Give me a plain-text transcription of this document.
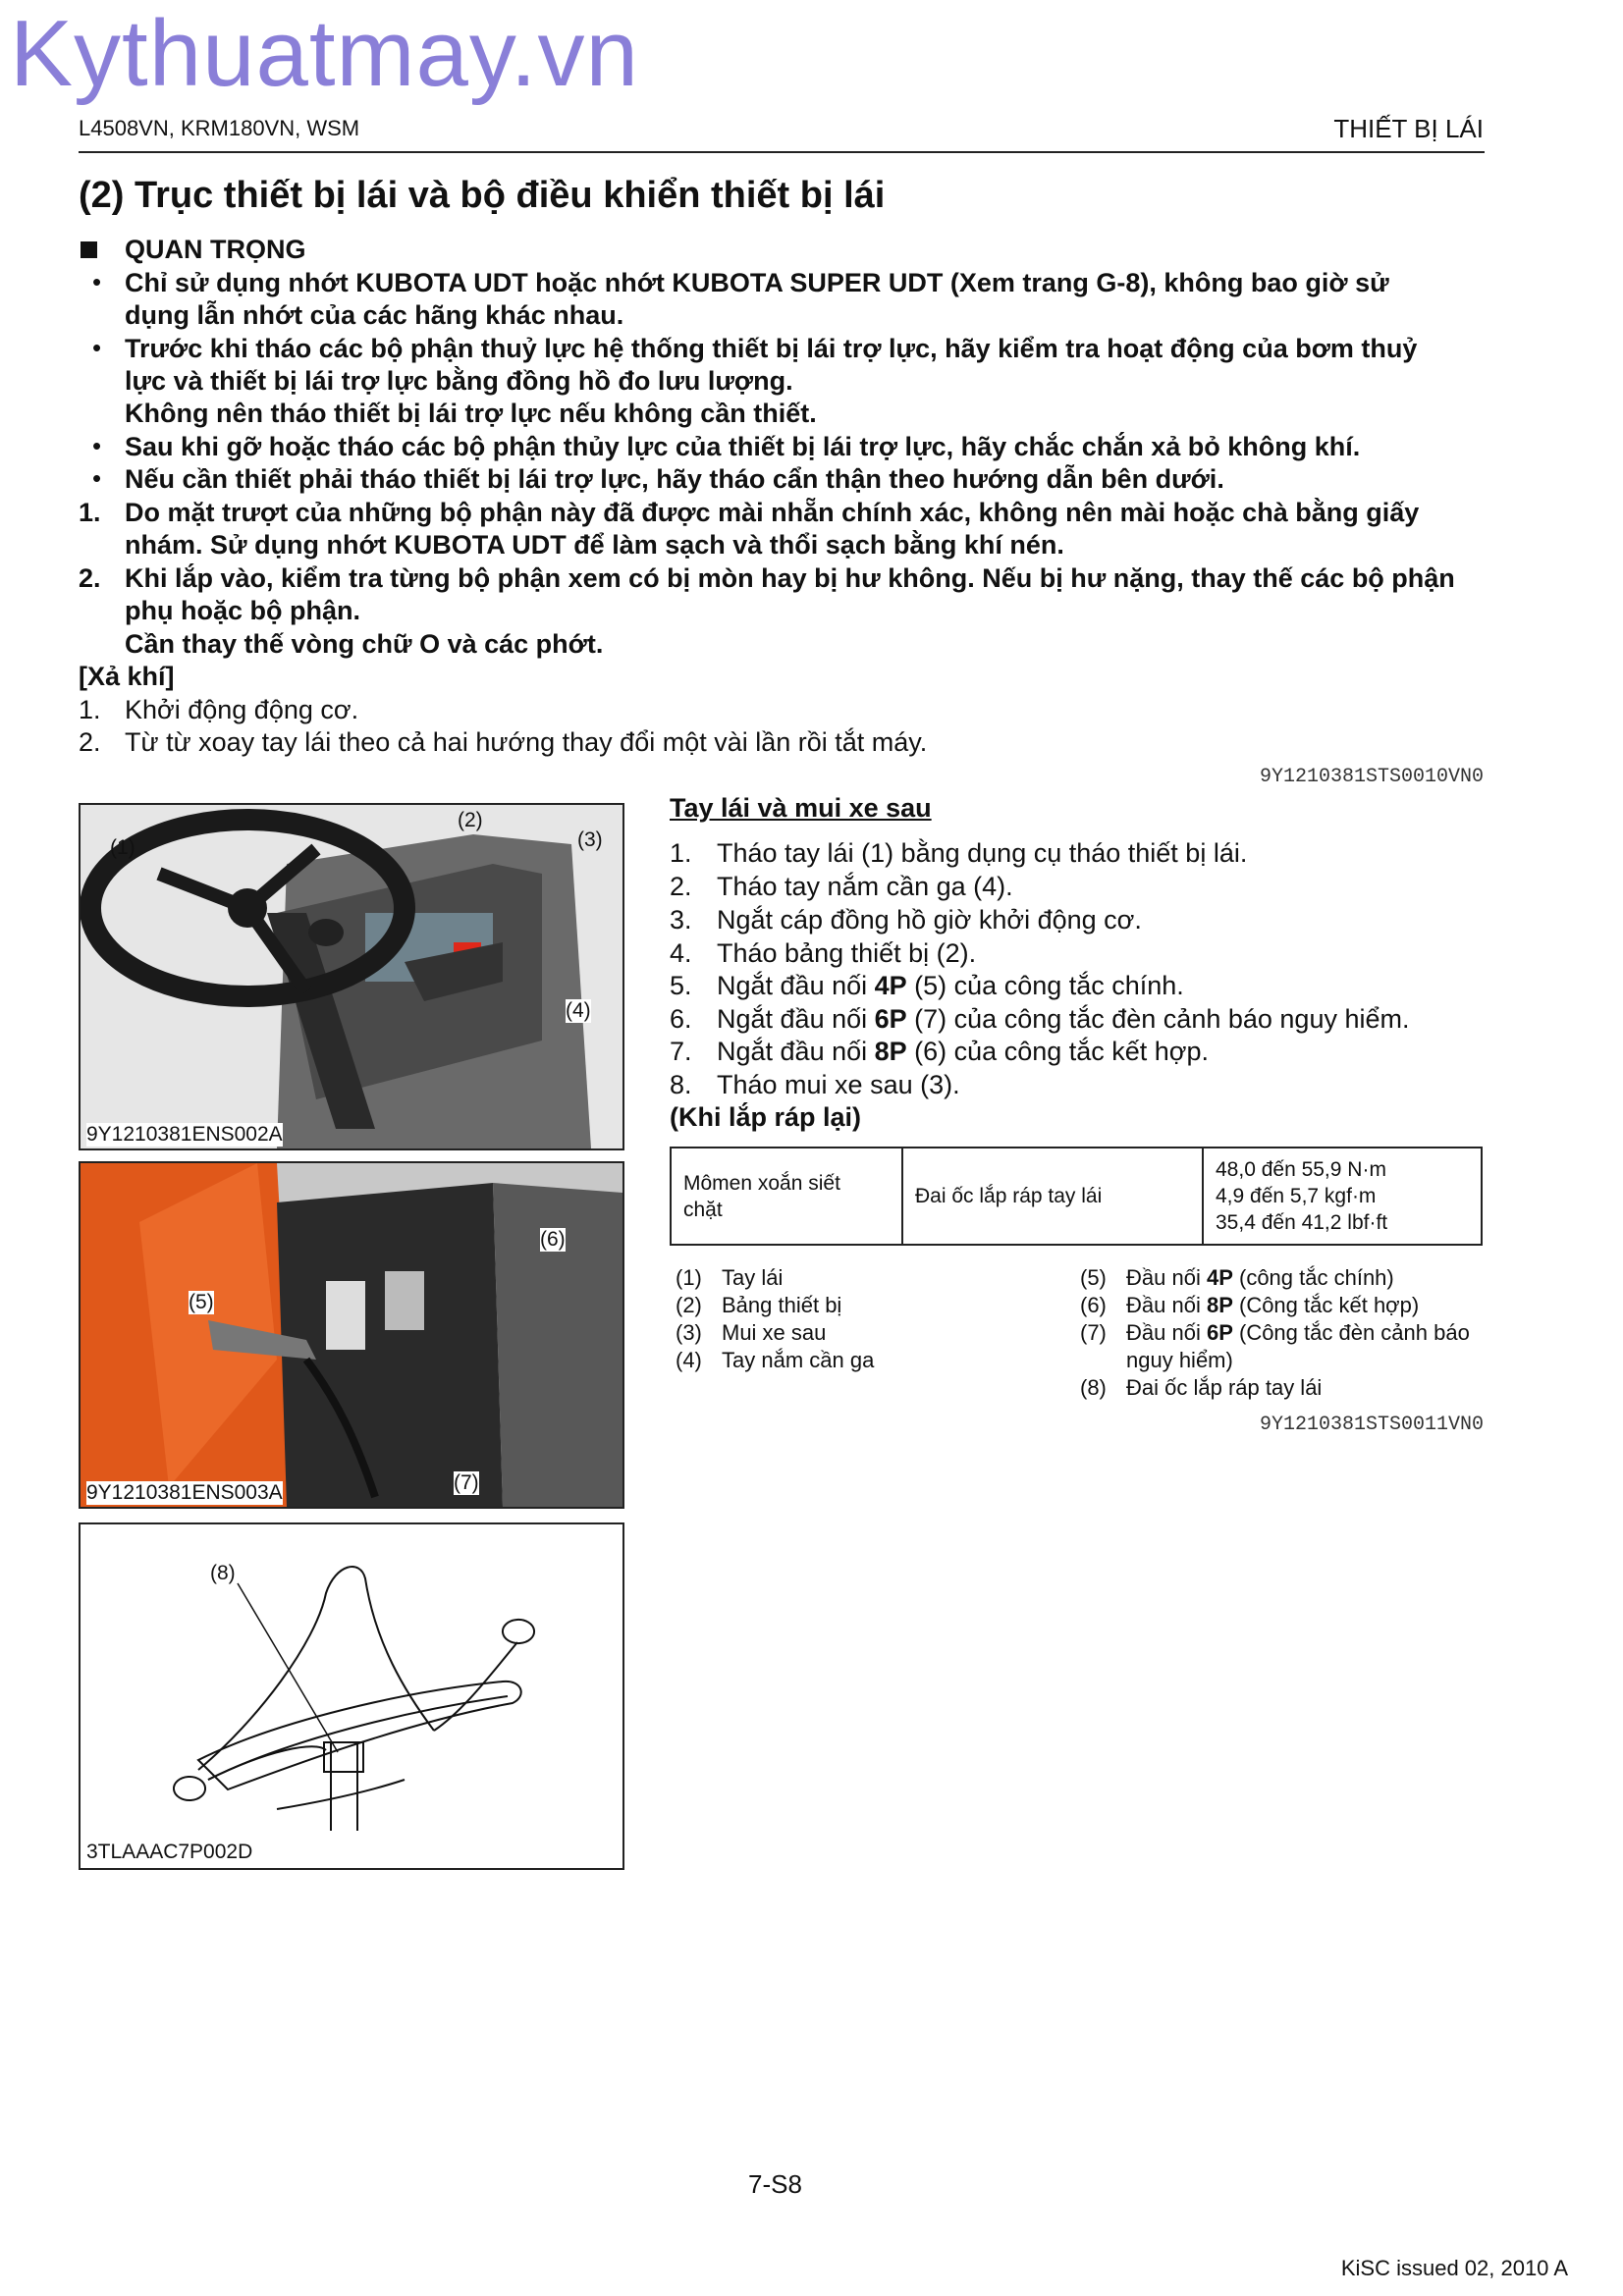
Kythuatmay.vn
L4508VN, KRM180VN, WSM	THIẾT BỊ LÁI
(2) Trục thiết bị lái và bộ điều khiển thiết bị lái
QUAN TRỌNG
• Chỉ sử dụng nhớt KUBOTA UDT hoặc nhớt KUBOTA SUPER UDT (Xem trang G-8), không bao giờ sử
dụng lẫn nhớt của các hãng khác nhau.
• Trước khi tháo các bộ phận thuỷ lực hệ thống thiết bị lái trợ lực, hãy kiểm tra hoạt động của bơm thuỷ
lực và thiết bị lái trợ lực bằng đồng hồ đo lưu lượng.
Không nên tháo thiết bị lái trợ lực nếu không cần thiết.
• Sau khi gỡ hoặc tháo các bộ phận thủy lực của thiết bị lái trợ lực, hãy chắc chắn xả bỏ không khí.
• Nếu cần thiết phải tháo thiết bị lái trợ lực, hãy tháo cẩn thận theo hướng dẫn bên dưới.
1. Do mặt trượt của những bộ phận này đã được mài nhẵn chính xác, không nên mài hoặc chà bằng giấy
nhám. Sử dụng nhớt KUBOTA UDT để làm sạch và thổi sạch bằng khí nén.
2. Khi lắp vào, kiểm tra từng bộ phận xem có bị mòn hay bị hư không. Nếu bị hư nặng, thay thế các bộ phận
phụ hoặc bộ phận.
Cần thay thế vòng chữ O và các phớt.
[Xả khí]
1. Khởi động động cơ.
2. Từ từ xoay tay lái theo cả hai hướng thay đổi một vài lần rồi tắt máy.
9Y1210381STS0010VN0
(1)
(2)
(3)
(4)
9Y1210381ENS002A
(6)
(5)
(7)
9Y1210381ENS003A
(8)
3TLAAAC7P002D
Tay lái và mui xe sau
1. Tháo tay lái (1) bằng dụng cụ tháo thiết bị lái.
2. Tháo tay nắm cần ga (4).
3. Ngắt cáp đồng hồ giờ khởi động cơ.
4. Tháo bảng thiết bị (2).
5. Ngắt đầu nối 4P (5) của công tắc chính.
6. Ngắt đầu nối 6P (7) của công tắc đèn cảnh báo nguy hiểm.
7. Ngắt đầu nối 8P (6) của công tắc kết hợp.
8. Tháo mui xe sau (3).
(Khi lắp ráp lại)
Mômen xoắn siết
chặt	Đai ốc lắp ráp tay lái	48,0 đến 55,9 N·m
4,9 đến 5,7 kgf·m
35,4 đến 41,2 lbf·ft
(1) Tay lái
(2) Bảng thiết bị
(3) Mui xe sau
(4) Tay nắm cần ga
(5) Đầu nối 4P (công tắc chính)
(6) Đầu nối 8P (Công tắc kết hợp)
(7) Đầu nối 6P (Công tắc đèn cảnh báo
nguy hiểm)
(8) Đai ốc lắp ráp tay lái
9Y1210381STS0011VN0
7-S8
KiSC issued 02, 2010 A
